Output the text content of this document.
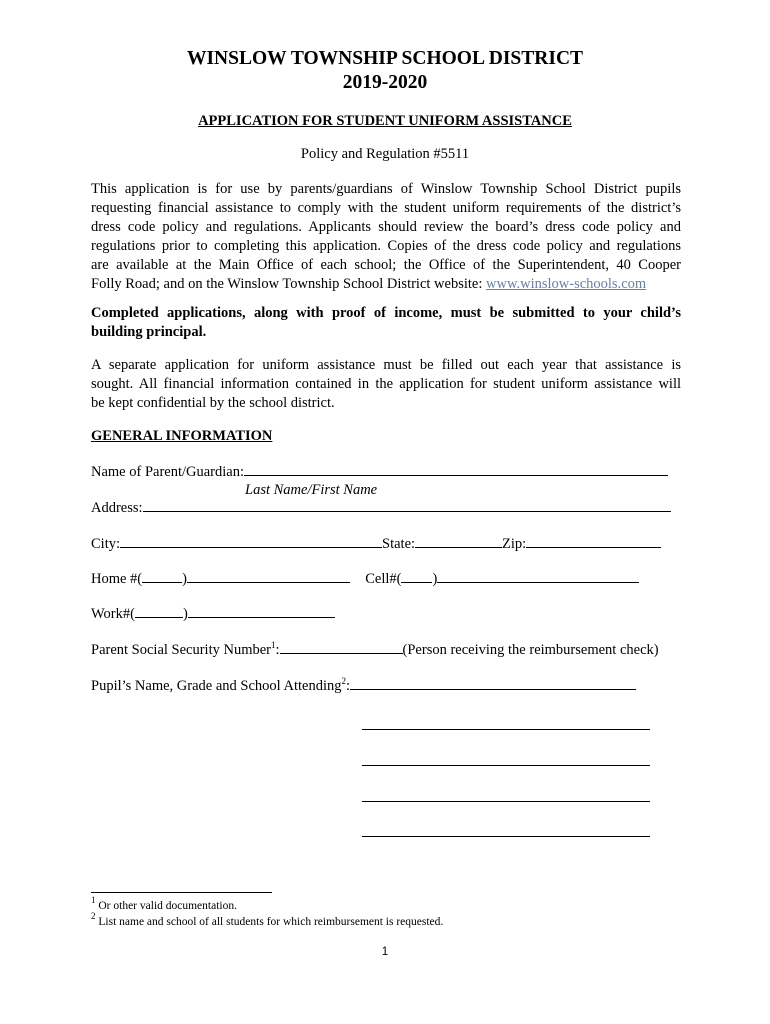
WINSLOW TOWNSHIP SCHOOL DISTRICT
2019-2020
APPLICATION FOR STUDENT UNIFORM ASSISTANCE
Policy and Regulation #5511
This application is for use by parents/guardians of Winslow Township School District pupils
requesting financial assistance to comply with the student uniform requirements of the district’s
dress code policy and regulations. Applicants should review the board’s dress code policy and
regulations prior to completing this application. Copies of the dress code policy and regulations
are available at the Main Office of each school; the Office of the Superintendent, 40 Cooper
Folly Road; and on the Winslow Township School District website: www.winslow-schools.com
Completed applications, along with proof of income, must be submitted to your child’s
building principal.
A separate application for uniform assistance must be filled out each year that assistance is
sought. All financial information contained in the application for student uniform assistance will
be kept confidential by the school district.
GENERAL INFORMATION
Name of Parent/Guardian:
Last Name/First Name
Address:
City:	State:	Zip:
Home #(	)	Cell#( )
Work#(	)
Parent Social Security Number$^1$:	(Person receiving the reimbursement check)
Pupil’s Name, Grade and School Attending$^2$:
$^1$ Or other valid documentation.
$^2$ List name and school of all students for which reimbursement is requested.
1
